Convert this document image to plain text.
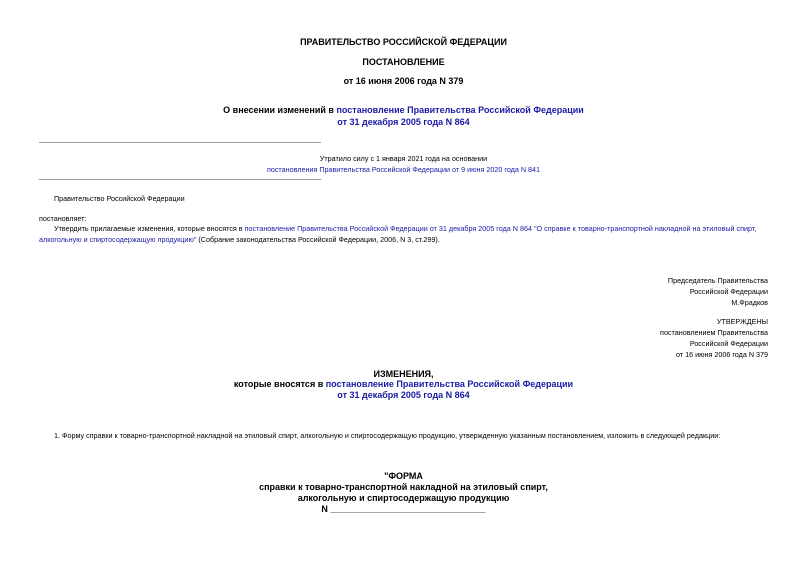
ПРАВИТЕЛЬСТВО РОССИЙСКОЙ ФЕДЕРАЦИИ
ПОСТАНОВЛЕНИЕ
от 16 июня 2006 года N 379
О внесении изменений в постановление Правительства Российской Федерации
от 31 декабря 2005 года N 864
Утратило силу с 1 января 2021 года на основании
постановления Правительства Российской Федерации от 9 июня 2020 года N 841
Правительство Российской Федерации
постановляет:
Утвердить прилагаемые изменения, которые вносятся в постановление Правительства Российской Федерации от 31 декабря 2005 года N 864 "О справке к товарно-транспортной накладной на этиловый спирт, алкогольную и спиртосодержащую продукцию" (Собрание законодательства Российской Федерации, 2006, N 3, ст.299).
Председатель Правительства
Российской Федерации
М.Фрадков
УТВЕРЖДЕНЫ
постановлением Правительства
Российской Федерации
от 16 июня 2006 года N 379
ИЗМЕНЕНИЯ,
которые вносятся в постановление Правительства Российской Федерации
от 31 декабря 2005 года N 864
1. Форму справки к товарно-транспортной накладной на этиловый спирт, алкогольную и спиртосодержащую продукцию, утвержденную указанным постановлением, изложить в следующей редакции:
"ФОРМА
справки к товарно-транспортной накладной на этиловый спирт,
алкогольную и спиртосодержащую продукцию
N _______________________________
